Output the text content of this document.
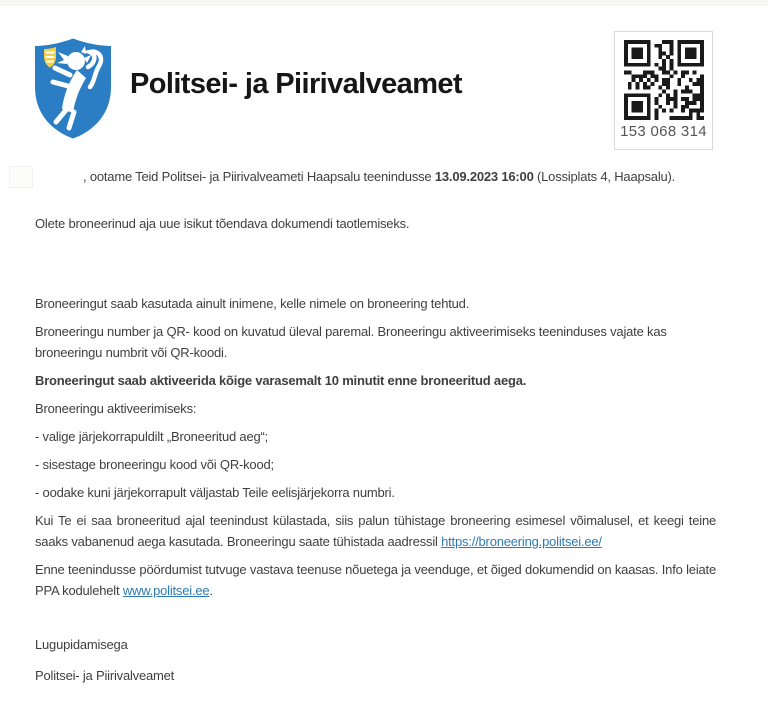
Politsei- ja Piirivalveamet
153 068 314

, ootame Teid Politsei- ja Piirivalveameti Haapsalu teenindusse 13.09.2023 16:00 (Lossiplats 4, Haapsalu).

Olete broneerinud aja uue isikut tõendava dokumendi taotlemiseks.

Broneeringut saab kasutada ainult inimene, kelle nimele on broneering tehtud.

Broneeringu number ja QR- kood on kuvatud üleval paremal. Broneeringu aktiveerimiseks teeninduses vajate kas broneeringu numbrit või QR-koodi.

Broneeringut saab aktiveerida kõige varasemalt 10 minutit enne broneeritud aega.

Broneeringu aktiveerimiseks:

- valige järjekorrapuldilt „Broneeritud aeg“;

- sisestage broneeringu kood või QR-kood;

- oodake kuni järjekorrapult väljastab Teile eelisjärjekorra numbri.

Kui Te ei saa broneeritud ajal teenindust külastada, siis palun tühistage broneering esimesel võimalusel, et keegi teine saaks vabanenud aega kasutada. Broneeringu saate tühistada aadressil https://broneering.politsei.ee/

Enne teenindusse pöördumist tutvuge vastava teenuse nõuetega ja veenduge, et õiged dokumendid on kaasas. Info leiate PPA kodulehelt www.politsei.ee.

Lugupidamisega

Politsei- ja Piirivalveamet
